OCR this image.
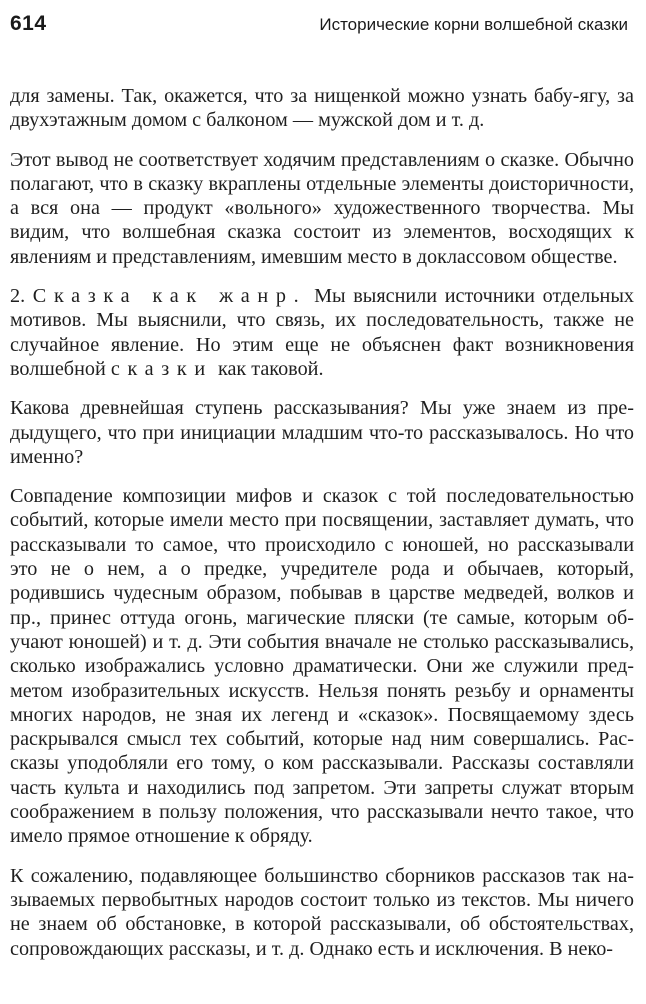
614	Исторические корни волшебной сказки

для замены. Так, окажется, что за нищенкой можно узнать бабу-ягу, за двухэтажным домом с балконом — мужской дом и т. д.

Этот вывод не соответствует ходячим представлениям о сказке. Обычно полагают, что в сказку вкраплены отдельные элементы доисторичности, а вся она — продукт «вольного» художественного творчества. Мы видим, что волшебная сказка состоит из элементов, восходящих к явлениям и представлениям, имевшим место в доклассовом обществе.

2. Сказка как жанр. Мы выяснили источники отдельных мотивов. Мы выяснили, что связь, их последовательность, также не случайное явление. Но этим еще не объяснен факт возникновения волшебной сказки как таковой.

Какова древнейшая ступень рассказывания? Мы уже знаем из предыдущего, что при инициации младшим что-то рассказывалось. Но что именно?

Совпадение композиции мифов и сказок с той последовательностью событий, которые имели место при посвящении, заставляет думать, что рассказывали то самое, что происходило с юношей, но рассказывали это не о нем, а о предке, учредителе рода и обычаев, который, родившись чудесным образом, побывав в царстве медведей, волков и пр., принес оттуда огонь, магические пляски (те самые, которым обучают юношей) и т. д. Эти события вначале не столько рассказывались, сколько изображались условно драматически. Они же служили предметом изобразительных искусств. Нельзя понять резьбу и орнаменты многих народов, не зная их легенд и «сказок». Посвящаемому здесь раскрывался смысл тех событий, которые над ним совершались. Рассказы уподобляли его тому, о ком рассказывали. Рассказы составляли часть культа и находились под запретом. Эти запреты служат вторым соображением в пользу положения, что рассказывали нечто такое, что имело прямое отношение к обряду.

К сожалению, подавляющее большинство сборников рассказов так называемых первобытных народов состоит только из текстов. Мы ничего не знаем об обстановке, в которой рассказывали, об обстоятельствах, сопровождающих рассказы, и т. д. Однако есть и исключения. В неко-
